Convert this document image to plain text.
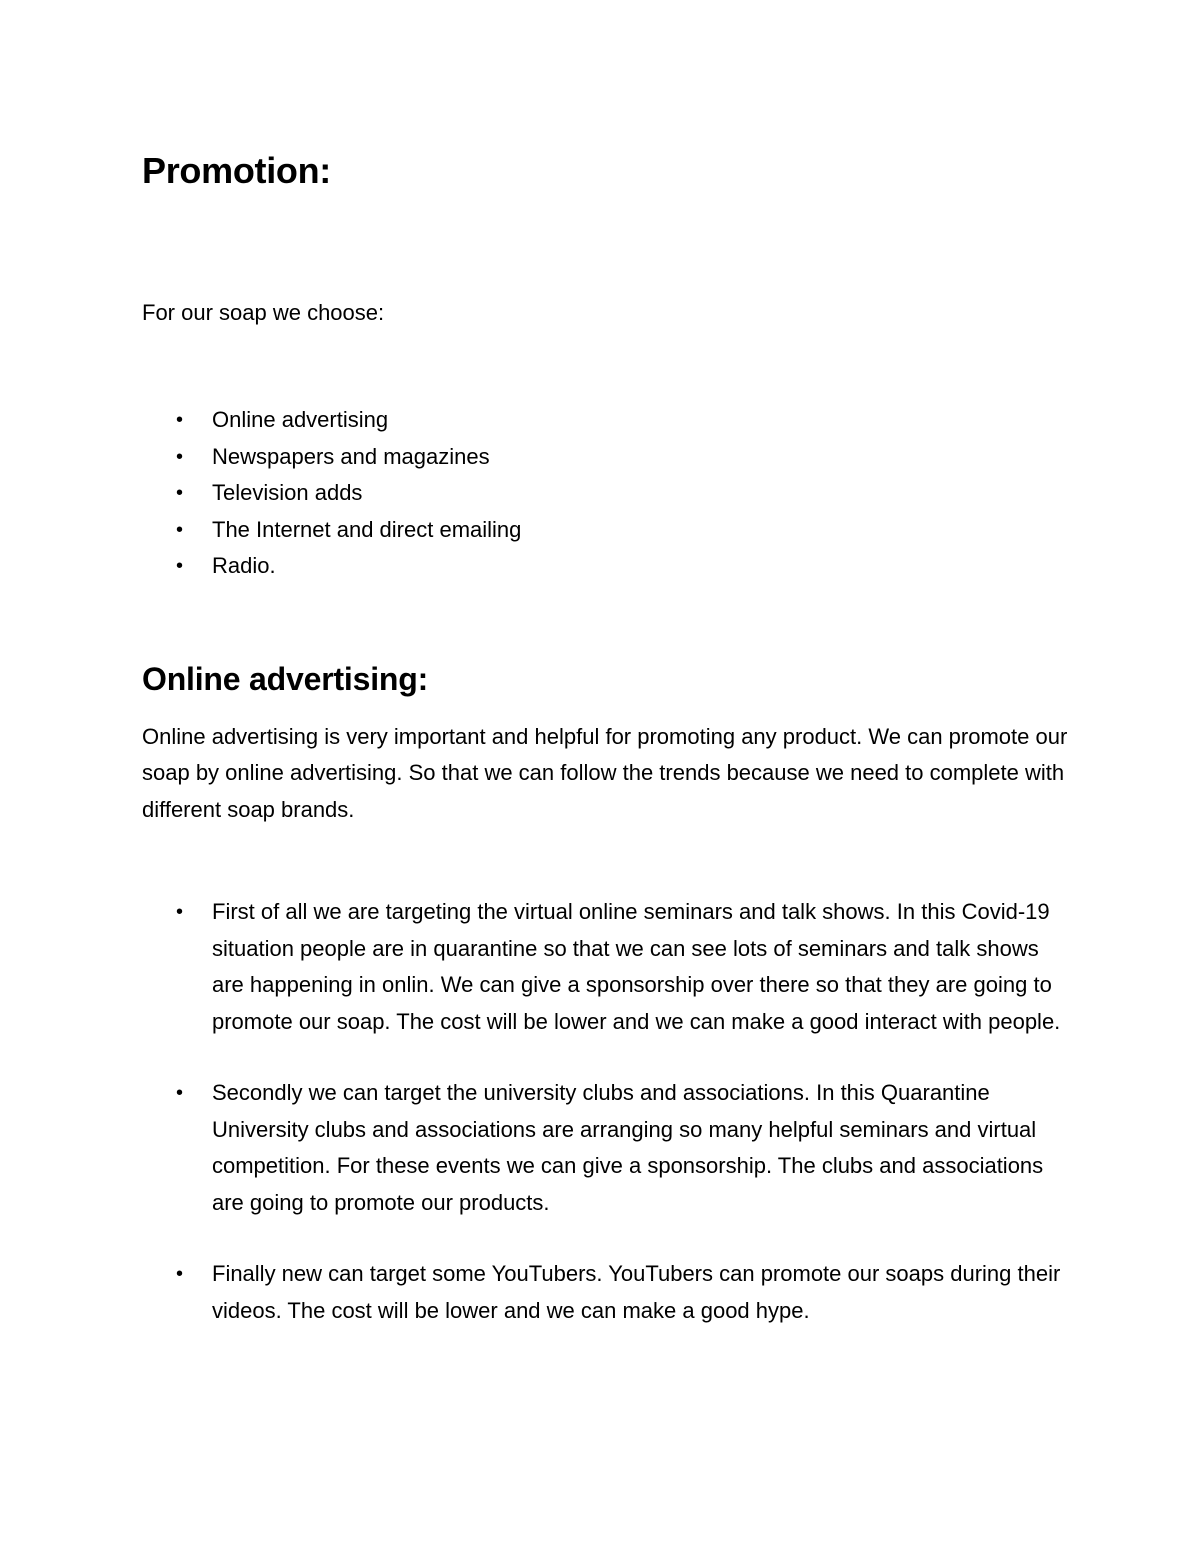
Promotion:

For our soap we choose:

• Online advertising
• Newspapers and magazines
• Television adds
• The Internet and direct emailing
• Radio.
Online advertising:

Online advertising is very important and helpful for promoting any product. We can promote our soap by online advertising. So that we can follow the trends because we need to complete with different soap brands.

• First of all we are targeting the virtual online seminars and talk shows. In this Covid-19 situation people are in quarantine so that we can see lots of seminars and talk shows are happening in onlin. We can give a sponsorship over there so that they are going to promote our soap. The cost will be lower and we can make a good interact with people.
• Secondly we can target the university clubs and associations. In this Quarantine University clubs and associations are arranging so many helpful seminars and virtual competition. For these events we can give a sponsorship. The clubs and associations are going to promote our products.
• Finally new can target some YouTubers. YouTubers can promote our soaps during their videos. The cost will be lower and we can make a good hype.
